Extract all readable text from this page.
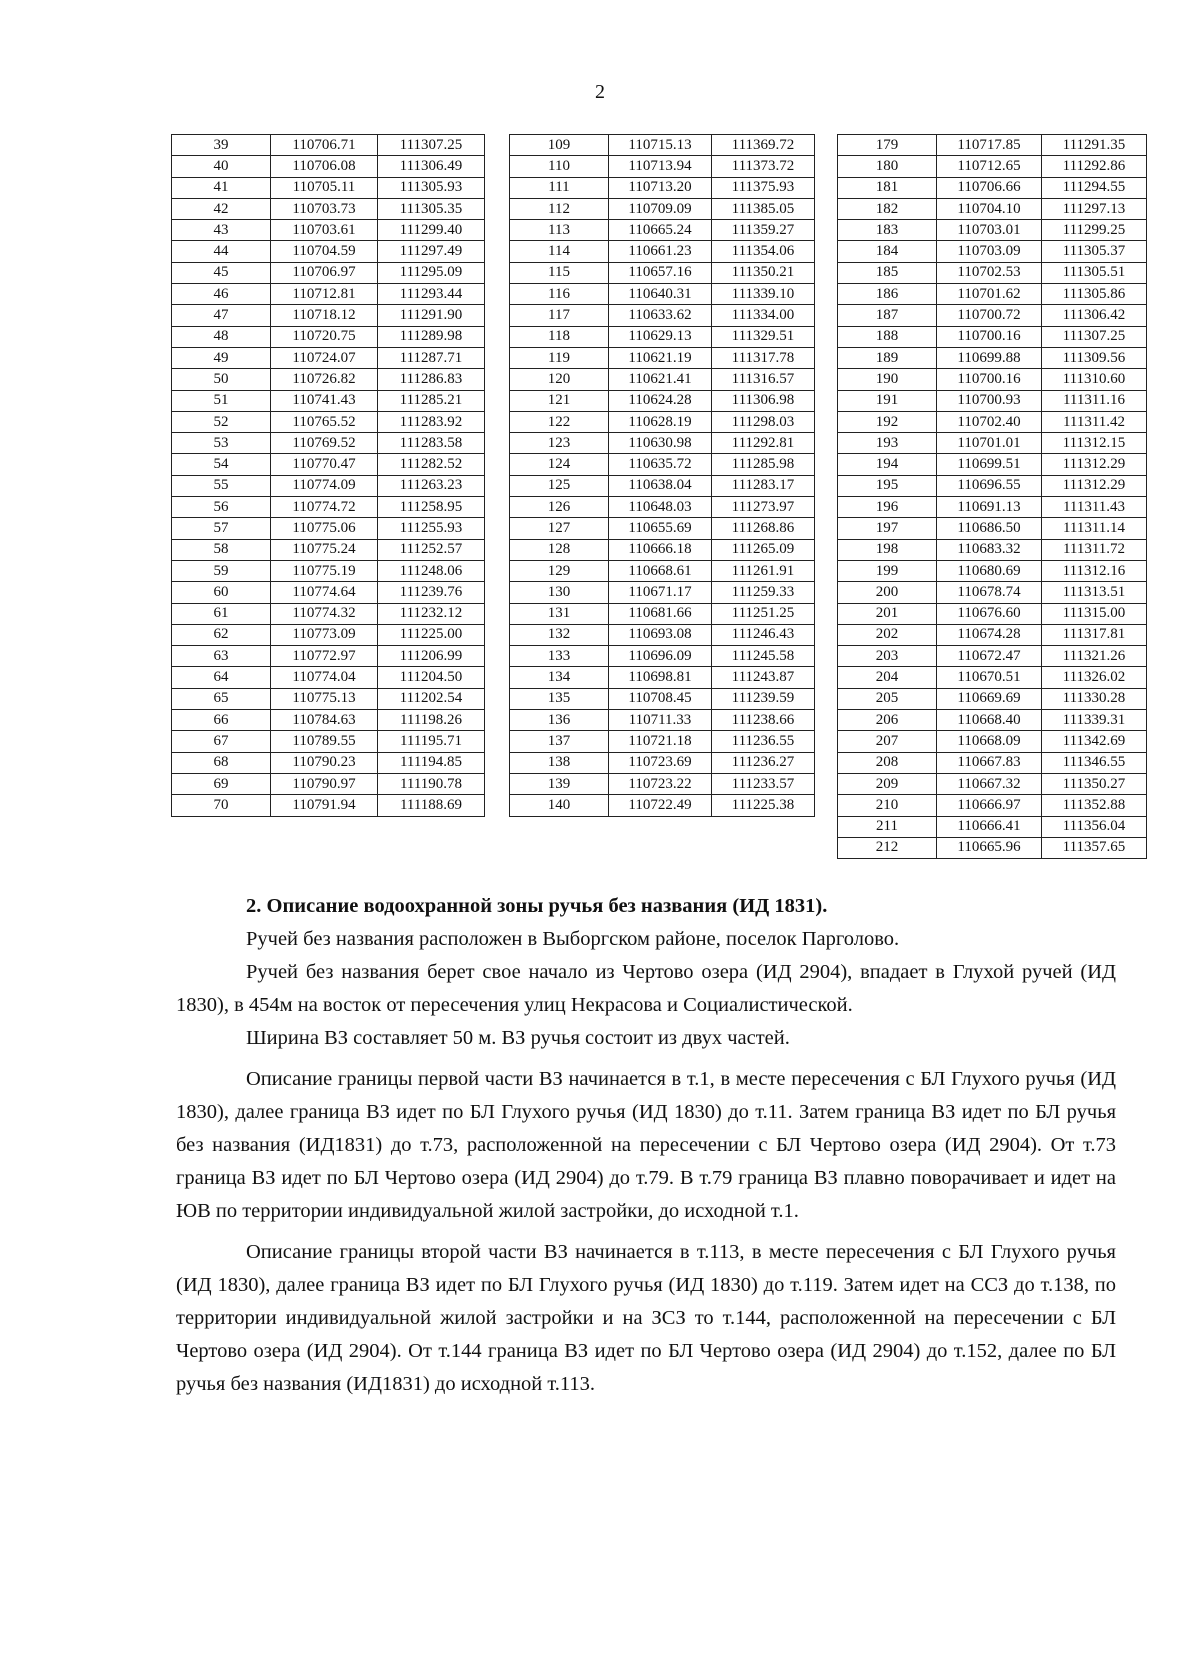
2
39	110706.71	111307.25
40	110706.08	111306.49
41	110705.11	111305.93
42	110703.73	111305.35
43	110703.61	111299.40
44	110704.59	111297.49
45	110706.97	111295.09
46	110712.81	111293.44
47	110718.12	111291.90
48	110720.75	111289.98
49	110724.07	111287.71
50	110726.82	111286.83
51	110741.43	111285.21
52	110765.52	111283.92
53	110769.52	111283.58
54	110770.47	111282.52
55	110774.09	111263.23
56	110774.72	111258.95
57	110775.06	111255.93
58	110775.24	111252.57
59	110775.19	111248.06
60	110774.64	111239.76
61	110774.32	111232.12
62	110773.09	111225.00
63	110772.97	111206.99
64	110774.04	111204.50
65	110775.13	111202.54
66	110784.63	111198.26
67	110789.55	111195.71
68	110790.23	111194.85
69	110790.97	111190.78
70	110791.94	111188.69
109	110715.13	111369.72
110	110713.94	111373.72
111	110713.20	111375.93
112	110709.09	111385.05
113	110665.24	111359.27
114	110661.23	111354.06
115	110657.16	111350.21
116	110640.31	111339.10
117	110633.62	111334.00
118	110629.13	111329.51
119	110621.19	111317.78
120	110621.41	111316.57
121	110624.28	111306.98
122	110628.19	111298.03
123	110630.98	111292.81
124	110635.72	111285.98
125	110638.04	111283.17
126	110648.03	111273.97
127	110655.69	111268.86
128	110666.18	111265.09
129	110668.61	111261.91
130	110671.17	111259.33
131	110681.66	111251.25
132	110693.08	111246.43
133	110696.09	111245.58
134	110698.81	111243.87
135	110708.45	111239.59
136	110711.33	111238.66
137	110721.18	111236.55
138	110723.69	111236.27
139	110723.22	111233.57
140	110722.49	111225.38
179	110717.85	111291.35
180	110712.65	111292.86
181	110706.66	111294.55
182	110704.10	111297.13
183	110703.01	111299.25
184	110703.09	111305.37
185	110702.53	111305.51
186	110701.62	111305.86
187	110700.72	111306.42
188	110700.16	111307.25
189	110699.88	111309.56
190	110700.16	111310.60
191	110700.93	111311.16
192	110702.40	111311.42
193	110701.01	111312.15
194	110699.51	111312.29
195	110696.55	111312.29
196	110691.13	111311.43
197	110686.50	111311.14
198	110683.32	111311.72
199	110680.69	111312.16
200	110678.74	111313.51
201	110676.60	111315.00
202	110674.28	111317.81
203	110672.47	111321.26
204	110670.51	111326.02
205	110669.69	111330.28
206	110668.40	111339.31
207	110668.09	111342.69
208	110667.83	111346.55
209	110667.32	111350.27
210	110666.97	111352.88
211	110666.41	111356.04
212	110665.96	111357.65
2. Описание водоохранной зоны ручья без названия (ИД 1831).

Ручей без названия расположен в Выборгском районе, поселок Парголово.

Ручей без названия берет свое начало из Чертово озера (ИД 2904), впадает в Глухой ручей (ИД 1830), в 454м на восток от пересечения улиц Некрасова и Социалистической.

Ширина ВЗ составляет 50 м. ВЗ ручья состоит из двух частей.

Описание границы первой части ВЗ начинается в т.1, в месте пересечения с БЛ Глухого ручья (ИД 1830), далее граница ВЗ идет по БЛ Глухого ручья (ИД 1830) до т.11. Затем граница ВЗ идет по БЛ ручья без названия (ИД1831) до т.73, расположенной на пересечении с БЛ Чертово озера (ИД 2904). От т.73 граница ВЗ идет по БЛ Чертово озера (ИД 2904) до т.79. В т.79 граница ВЗ плавно поворачивает и идет на ЮВ по территории индивидуальной жилой застройки, до исходной т.1.

Описание границы второй части ВЗ начинается в т.113, в месте пересечения с БЛ Глухого ручья (ИД 1830), далее граница ВЗ идет по БЛ Глухого ручья (ИД 1830) до т.119. Затем идет на ССЗ до т.138, по территории индивидуальной жилой застройки и на ЗСЗ то т.144, расположенной на пересечении с БЛ Чертово озера (ИД 2904). От т.144 граница ВЗ идет по БЛ Чертово озера (ИД 2904) до т.152, далее по БЛ ручья без названия (ИД1831) до исходной т.113.
